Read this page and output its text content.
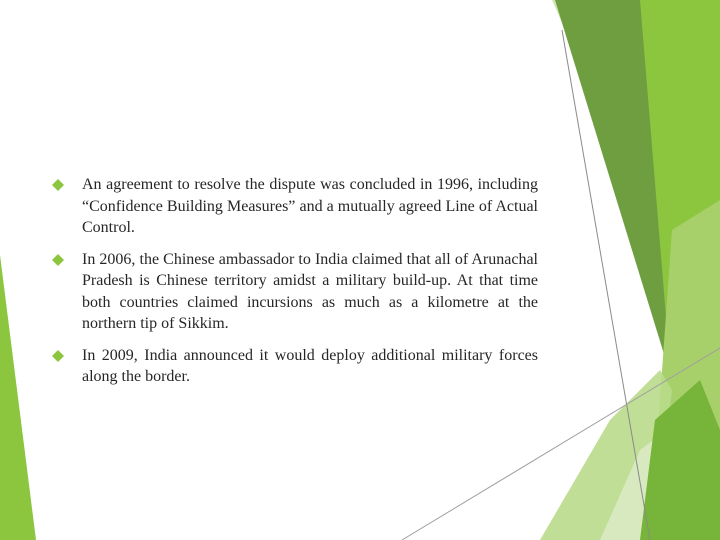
An agreement to resolve the dispute was concluded in 1996, including “Confidence Building Measures” and a mutually agreed Line of Actual Control.
In 2006, the Chinese ambassador to India claimed that all of Arunachal Pradesh is Chinese territory amidst a military build-up. At that time both countries claimed incursions as much as a kilometre at the northern tip of Sikkim.
In 2009, India announced it would deploy additional military forces along the border.
